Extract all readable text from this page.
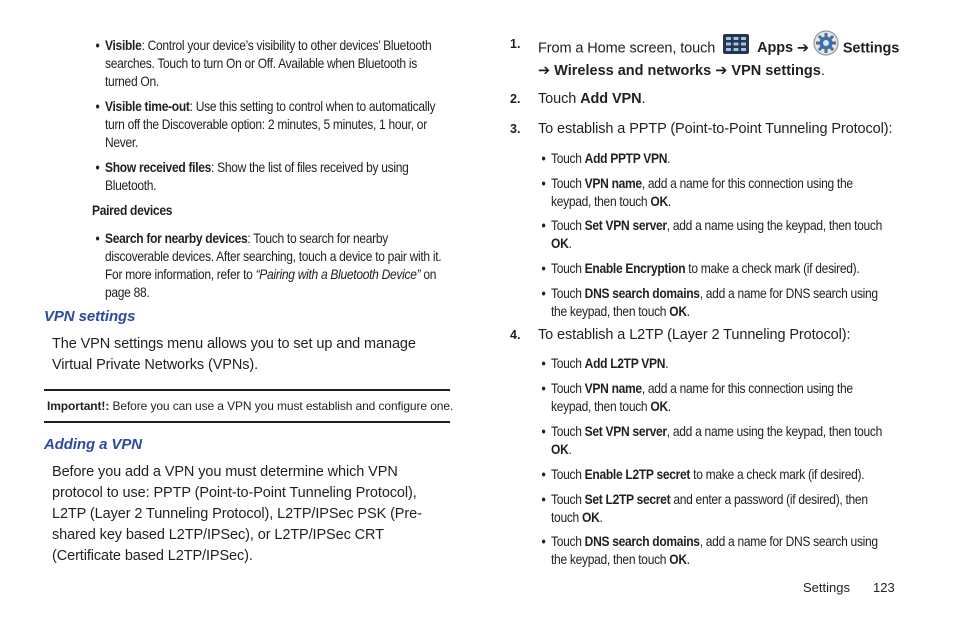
• Visible: Control your device’s visibility to other devices’ Bluetooth searches. Touch to turn On or Off. Available when Bluetooth is turned On.
• Visible time-out: Use this setting to control when to automatically turn off the Discoverable option: 2 minutes, 5 minutes, 1 hour, or Never.
• Show received files: Show the list of files received by using Bluetooth.
Paired devices
• Search for nearby devices: Touch to search for nearby discoverable devices. After searching, touch a device to pair with it. For more information, refer to “Pairing with a Bluetooth Device” on page 88.
VPN settings
The VPN settings menu allows you to set up and manage Virtual Private Networks (VPNs).
Important!: Before you can use a VPN you must establish and configure one.
Adding a VPN
Before you add a VPN you must determine which VPN protocol to use: PPTP (Point-to-Point Tunneling Protocol), L2TP (Layer 2 Tunneling Protocol), L2TP/IPSec PSK (Pre-shared key based L2TP/IPSec), or L2TP/IPSec CRT (Certificate based L2TP/IPSec).
1. From a Home screen, touch	Apps ➔ Settings
➔ Wireless and networks ➔ VPN settings.
2. Touch Add VPN.
3. To establish a PPTP (Point-to-Point Tunneling Protocol):
• Touch Add PPTP VPN.
• Touch VPN name, add a name for this connection using the keypad, then touch OK.
• Touch Set VPN server, add a name using the keypad, then touch OK.
• Touch Enable Encryption to make a check mark (if desired).
• Touch DNS search domains, add a name for DNS search using the keypad, then touch OK.
4. To establish a L2TP (Layer 2 Tunneling Protocol):
• Touch Add L2TP VPN.
• Touch VPN name, add a name for this connection using the keypad, then touch OK.
• Touch Set VPN server, add a name using the keypad, then touch OK.
• Touch Enable L2TP secret to make a check mark (if desired).
• Touch Set L2TP secret and enter a password (if desired), then touch OK.
• Touch DNS search domains, add a name for DNS search using the keypad, then touch OK.
Settings 123
